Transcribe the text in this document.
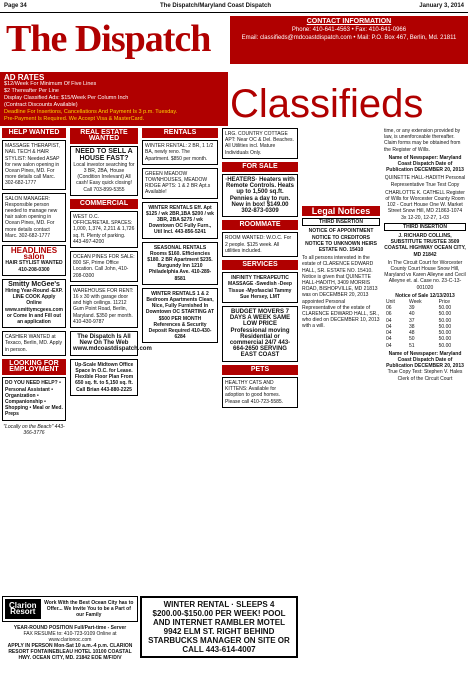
Page 34	The Dispatch/Maryland Coast Dispatch	January 3, 2014
The Dispatch	CONTACT INFORMATION
Phone: 410-641-4563 • Fax: 410-641-0966
Email: classifieds@mdcoastdispatch.com • Mail: P.O. Box 467, Berlin, Md. 21811
AD RATES
$12/Week For Minimum Of Five Lines
$2 Thereafter Per Line
Display Classified Ads: $15/Week Per Column Inch
(Contract Discounts Available)
Deadline For Insertions, Cancellations And Payment Is 3 p.m. Tuesday.
Pre-Payment Is Required. We Accept Visa & MasterCard.	Classifieds
HELP WANTED
MASSAGE THERAPIST, NAIL TECH & HAIR STYLIST: Needed ASAP for new salon opening in Ocean Pines, MD. For more details call Marc. 302-682-1777
SALON MANAGER: Responsible person needed to manage new hair salon opening in Ocean Pines, MD. For more details contact Marc. 302-682-1777
HEADLINES salon
HAIR STYLIST WANTED 410-208-0300
Smitty McGee's
Hiring Year-Round -EXP. LINE COOK Apply Online www.smittymcgees.com or Come In and Fill out an application
CASHIER WANTED at Texaco, Berlin, MD. Apply in person.
LOOKING FOR EMPLOYMENT
DO YOU NEED HELP? • Personal Assistant • Organization • Companionship • Shopping • Meal or Med. Preps
"Locally on the Beach" 443-366-3776
REAL ESTATE WANTED
NEED TO SELL A HOUSE FAST?
Local investor searching for 3 BR, 2BA, House (Condition Irrelevant) All cash! Easy quick closing! Call 703-899-5355
COMMERCIAL
WEST O.C. OFFICE/RETAIL SPACES: 1,000, 1,374, 2,211 & 1,726 sq. ft. Plenty of parking. 443-497-4200
OCEAN PINES FOR SALE: 800 SF, Prime Office Location. Call John, 410-208-0300
WAREHOUSE FOR RENT: 16 x 30 with garage door and high ceilings. 11212 Gum Point Road, Berlin, Maryland. $350 per month. 410-430-9787
The Dispatch Is All New On The Web www.mdcoastdispatch.com
Up-Scale Midtown Office Space In O.C. for Lease. Flexible Floor Plan From 650 sq. ft. to 5,150 sq. ft. Call Brian 443-880-2225
RENTALS
WINTER RENTAL: 2 BR, 1 1/2 BA, newly reno. The Apartment. $850 per month.
GREEN MEADOW TOWNHOUSES, MEADOW RIDGE APTS: 1 & 2 BR Apt.s Available!
WINTER RENTALS Eff. Apt $125 / wk 2BR,1BA $200 / wk 3BR, 2BA $275 / wk Downtown OC Fully Furn., Util Incl. 443-856-5241
SEASONAL RENTALS Rooms $160. Efficiencies $180. 2 BR Apartment $235. Burgundy Inn 1210 Philadelphia Ave. 410-289-8581
WINTER RENTALS 1 & 2 Bedroom Apartments Clean, Nice, Fully Furnished In Downtown OC STARTING AT $500 PER MONTH References & Security Deposit Required 410-430-6284
LRG. COUNTRY COTTAGE APT: Near OC & Del. Beaches. All Utilities incl. Mature Individuals Only.
FOR SALE
·HEATERS· Heaters with Remote Controls. Heats up to 1,500 sq.ft. Pennies a day to run. New in box! $149.00 302-873-0309
ROOMMATE
ROOM WANTED: W.O.C. For 2 people. $125 week. All utilities included.
SERVICES
INFINITY THERAPEUTIC MASSAGE -Swedish -Deep Tissue -Myofascial Tammy Sue Hersey, LMT
BUDGET MOVERS 7 DAYS A WEEK SAME LOW PRICE Professional moving Residential or commercial 24/7 443-664-2650 SERVING EAST COAST
PETS
HEALTHY CATS AND KITTENS: Available for adoption to good homes. Please call 410-723-5585.
Legal Notices
THIRD INSERTION
NOTICE OF APPOINTMENT NOTICE TO CREDITORS NOTICE TO UNKNOWN HEIRS ESTATE NO. 15410
To all persons interested in the estate of CLARENCE EDWARD HALL, SR. ESTATE NO. 15410. Notice is given that QUINETTE HALL-HADITH, 3409 MORRIS ROAD, BISHOPVILLE, MD 21813 was on DECEMBER 20, 2013 appointed Personal Representative of the estate of CLARENCE EDWARD HALL, SR., who died on DECEMBER 10, 2013 with a will.
time, or any extension provided by law, is unenforceable thereafter. Claim forms may be obtained from the Register of Wills.
Name of Newspaper: Maryland Coast Dispatch Date of Publication DECEMBER 20, 2013
QUINETTE HALL-HADITH Personal Representative True Test Copy
CHARLOTTE K. CATHELL Register of Wills for Worcester County Room 102 - Court House One W. Market Street Snow Hill, MD 21863-1074
3x 12-20, 12-27, 1-03
THIRD INSERTION
J. RICHARD COLLINS, SUBSTITUTE TRUSTEE 3509 COASTAL HIGHWAY OCEAN CITY, MD 21842
In The Circuit Court for Worcester County Court House Snow Hill, Maryland vs Karen Alleyne and Cecil Alleyne et. al. Case no. 23-C-13-001020
Notice of Sale 12/13/2013
Unit	Week	Price
06	39	50.00
06	40	50.00
04	37	50.00
04	38	50.00
04	48	50.00
04	50	50.00
04	51	50.00
Name of Newspaper: Maryland Coast Dispatch Date of Publication DECEMBER 20, 2013
True Copy Test: Stephen V. Hales Clerk of the Circuit Court
Clarion Resort
Work With the Best Ocean City has to Offer... We Invite You to be a Part of our Family
YEAR-ROUND POSITION Full/Part-time - Server
FAX RESUME to: 410-723-9109 Online at www.clarionoc.com
APPLY IN PERSON Mon-Sat 10 a.m.-4 p.m. CLARION RESORT FONTAINEBLEAU HOTEL 10100 COASTAL HWY. OCEAN CITY, MD. 21842 EOE M/F/D/V
WINTER RENTAL · SLEEPS 4 $200.00-$150.00 PER WEEK! POOL AND INTERNET RAMBLER MOTEL 9942 ELM ST. RIGHT BEHIND STARBUCKS MANAGER ON SITE OR CALL 443-614-4007
